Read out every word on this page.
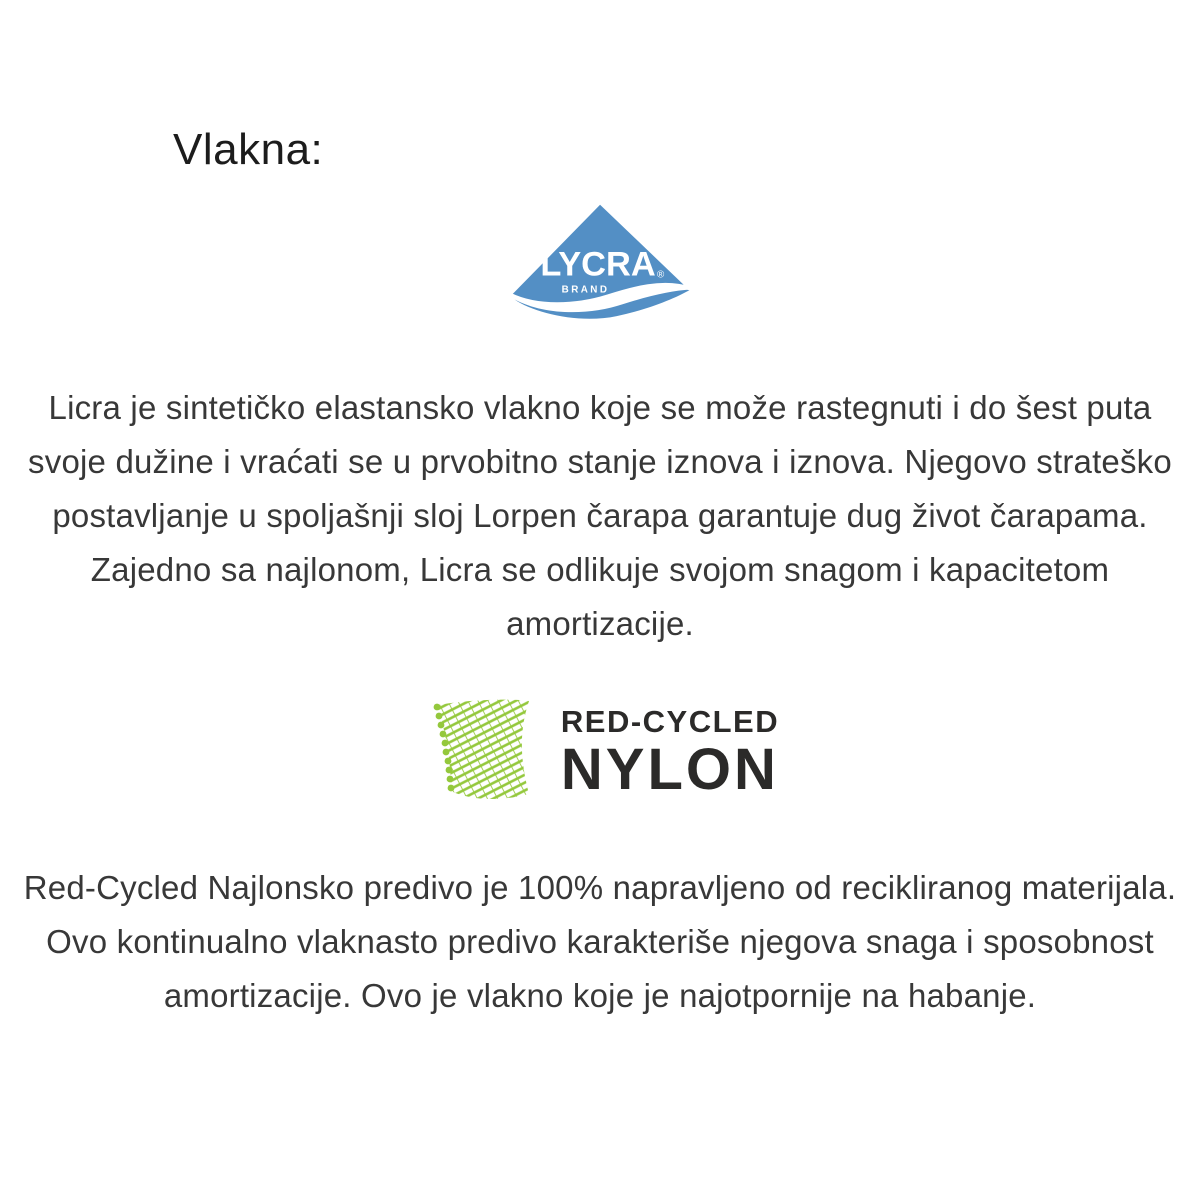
Vlakna:
LYCRA ®
BRAND

Licra je sintetičko elastansko vlakno koje se može rastegnuti i do šest puta svoje dužine i vraćati se u prvobitno stanje iznova i iznova. Njegovo strateško postavljanje u spoljašnji sloj Lorpen čarapa garantuje dug život čarapama. Zajedno sa najlonom, Licra se odlikuje svojom snagom i kapacitetom amortizacije.

RED-CYCLED
NYLON

Red-Cycled Najlonsko predivo je 100% napravljeno od recikliranog materijala. Ovo kontinualno vlaknasto predivo karakteriše njegova snaga i sposobnost amortizacije. Ovo je vlakno koje je najotpornije na habanje.
